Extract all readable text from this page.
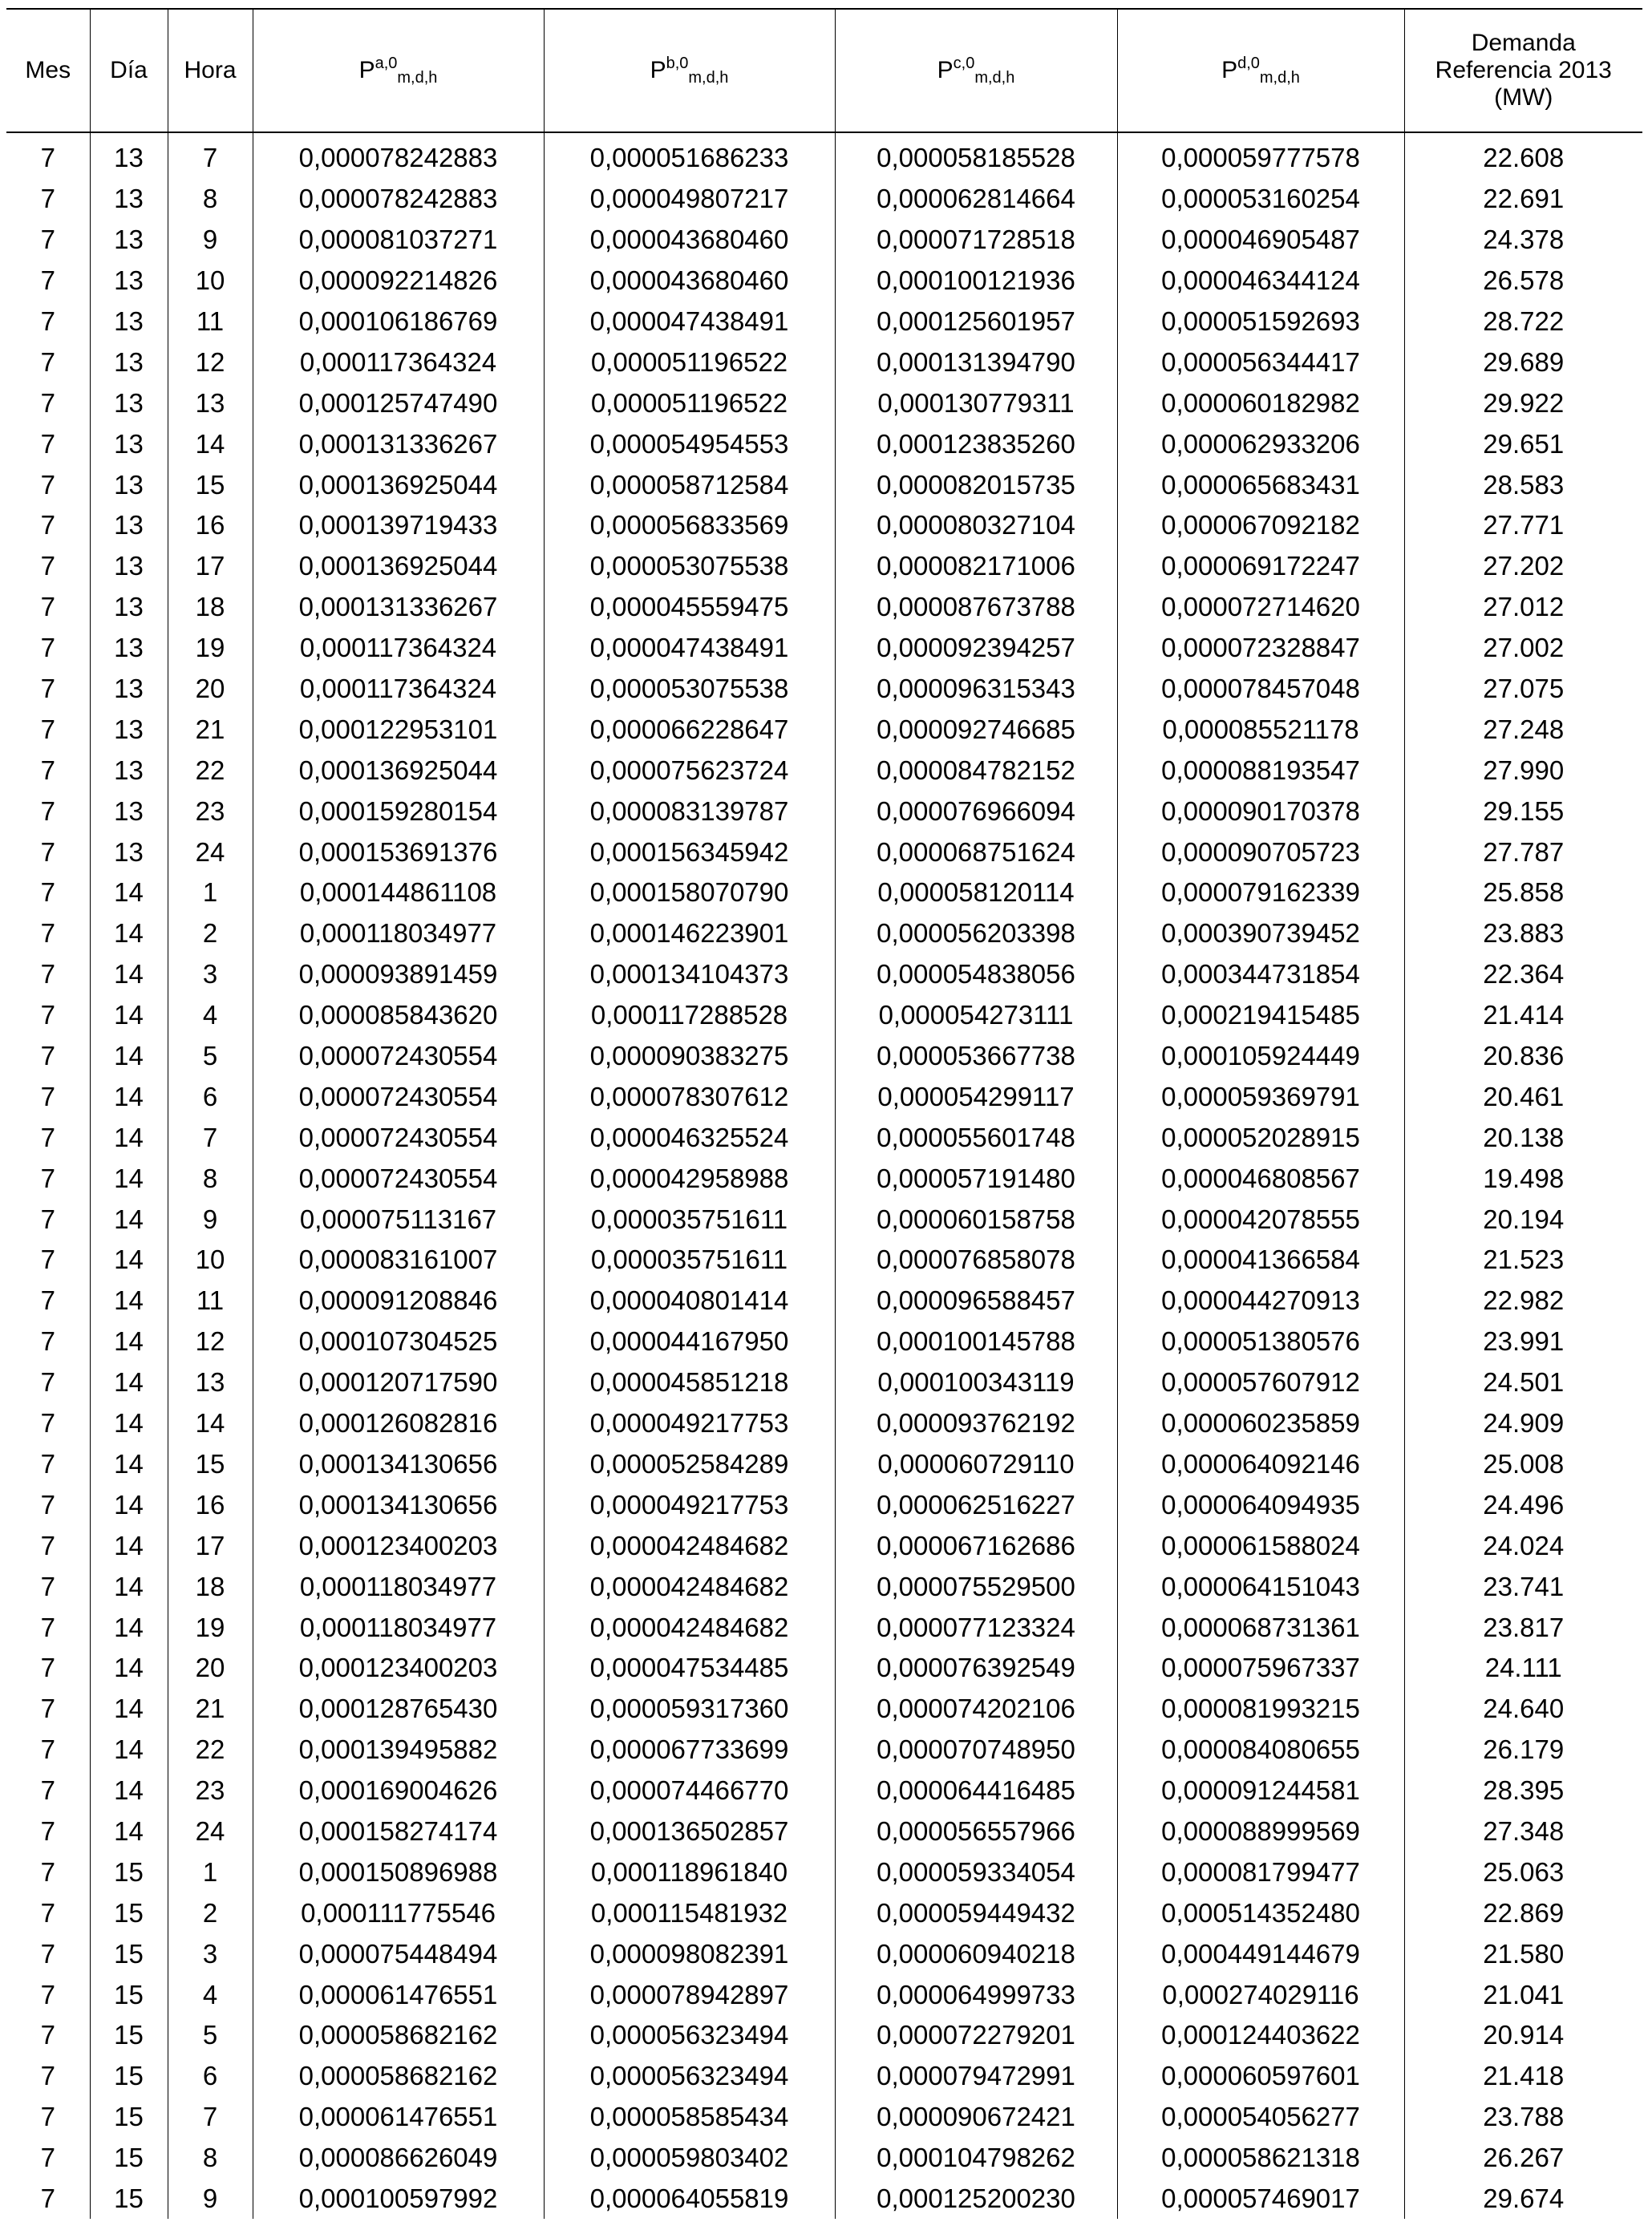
Mes	Día	Hora	P$^{a,0}_{m,d,h}$	P$^{b,0}_{m,d,h}$	P$^{c,0}_{m,d,h}$	P$^{d,0}_{m,d,h}$	Demanda
Referencia 2013
(MW)
7	13	7	0,000078242883	0,000051686233	0,000058185528	0,000059777578	22.608
7	13	8	0,000078242883	0,000049807217	0,000062814664	0,000053160254	22.691
7	13	9	0,000081037271	0,000043680460	0,000071728518	0,000046905487	24.378
7	13	10	0,000092214826	0,000043680460	0,000100121936	0,000046344124	26.578
7	13	11	0,000106186769	0,000047438491	0,000125601957	0,000051592693	28.722
7	13	12	0,000117364324	0,000051196522	0,000131394790	0,000056344417	29.689
7	13	13	0,000125747490	0,000051196522	0,000130779311	0,000060182982	29.922
7	13	14	0,000131336267	0,000054954553	0,000123835260	0,000062933206	29.651
7	13	15	0,000136925044	0,000058712584	0,000082015735	0,000065683431	28.583
7	13	16	0,000139719433	0,000056833569	0,000080327104	0,000067092182	27.771
7	13	17	0,000136925044	0,000053075538	0,000082171006	0,000069172247	27.202
7	13	18	0,000131336267	0,000045559475	0,000087673788	0,000072714620	27.012
7	13	19	0,000117364324	0,000047438491	0,000092394257	0,000072328847	27.002
7	13	20	0,000117364324	0,000053075538	0,000096315343	0,000078457048	27.075
7	13	21	0,000122953101	0,000066228647	0,000092746685	0,000085521178	27.248
7	13	22	0,000136925044	0,000075623724	0,000084782152	0,000088193547	27.990
7	13	23	0,000159280154	0,000083139787	0,000076966094	0,000090170378	29.155
7	13	24	0,000153691376	0,000156345942	0,000068751624	0,000090705723	27.787
7	14	1	0,000144861108	0,000158070790	0,000058120114	0,000079162339	25.858
7	14	2	0,000118034977	0,000146223901	0,000056203398	0,000390739452	23.883
7	14	3	0,000093891459	0,000134104373	0,000054838056	0,000344731854	22.364
7	14	4	0,000085843620	0,000117288528	0,000054273111	0,000219415485	21.414
7	14	5	0,000072430554	0,000090383275	0,000053667738	0,000105924449	20.836
7	14	6	0,000072430554	0,000078307612	0,000054299117	0,000059369791	20.461
7	14	7	0,000072430554	0,000046325524	0,000055601748	0,000052028915	20.138
7	14	8	0,000072430554	0,000042958988	0,000057191480	0,000046808567	19.498
7	14	9	0,000075113167	0,000035751611	0,000060158758	0,000042078555	20.194
7	14	10	0,000083161007	0,000035751611	0,000076858078	0,000041366584	21.523
7	14	11	0,000091208846	0,000040801414	0,000096588457	0,000044270913	22.982
7	14	12	0,000107304525	0,000044167950	0,000100145788	0,000051380576	23.991
7	14	13	0,000120717590	0,000045851218	0,000100343119	0,000057607912	24.501
7	14	14	0,000126082816	0,000049217753	0,000093762192	0,000060235859	24.909
7	14	15	0,000134130656	0,000052584289	0,000060729110	0,000064092146	25.008
7	14	16	0,000134130656	0,000049217753	0,000062516227	0,000064094935	24.496
7	14	17	0,000123400203	0,000042484682	0,000067162686	0,000061588024	24.024
7	14	18	0,000118034977	0,000042484682	0,000075529500	0,000064151043	23.741
7	14	19	0,000118034977	0,000042484682	0,000077123324	0,000068731361	23.817
7	14	20	0,000123400203	0,000047534485	0,000076392549	0,000075967337	24.111
7	14	21	0,000128765430	0,000059317360	0,000074202106	0,000081993215	24.640
7	14	22	0,000139495882	0,000067733699	0,000070748950	0,000084080655	26.179
7	14	23	0,000169004626	0,000074466770	0,000064416485	0,000091244581	28.395
7	14	24	0,000158274174	0,000136502857	0,000056557966	0,000088999569	27.348
7	15	1	0,000150896988	0,000118961840	0,000059334054	0,000081799477	25.063
7	15	2	0,000111775546	0,000115481932	0,000059449432	0,000514352480	22.869
7	15	3	0,000075448494	0,000098082391	0,000060940218	0,000449144679	21.580
7	15	4	0,000061476551	0,000078942897	0,000064999733	0,000274029116	21.041
7	15	5	0,000058682162	0,000056323494	0,000072279201	0,000124403622	20.914
7	15	6	0,000058682162	0,000056323494	0,000079472991	0,000060597601	21.418
7	15	7	0,000061476551	0,000058585434	0,000090672421	0,000054056277	23.788
7	15	8	0,000086626049	0,000059803402	0,000104798262	0,000058621318	26.267
7	15	9	0,000100597992	0,000064055819	0,000125200230	0,000057469017	29.674
